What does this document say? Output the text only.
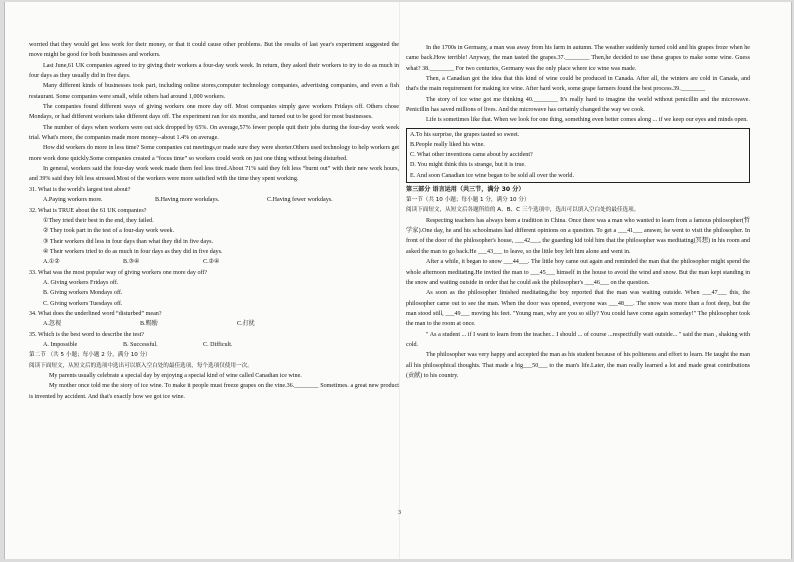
worried that they would get less work for their money, or that it could cause other problems. But the results of last year's experiment suggested the move might be good for both businesses and workers.

Last June,61 UK companies agreed to try giving their workers a four-day work week. In return, they asked their workers to try to do as much in four days as they usually did in five days.

Many different kinds of businesses took part, including online stores,computer technology companies, advertising companies, and even a fish restaurant. Some companies were small, while others had around 1,000 workers.

The companies found different ways of giving workers one more day off. Most companies simply gave workers Fridays off. Others chose Mondays, or had different workers take different days off. The experiment ran for six months, and turned out to be good for most businesses.

The number of days when workers were out sick dropped by 65%. On average,57% fewer people quit their jobs during the four-day work week trial. What's more, the companies made more money--about 1.4% on average.

How did workers do more in less time? Some companies cut meetings,or made sure they were shorter.Others used technology to help workers get more work done quickly.Some companies created a “focus time” so workers could work on just one thing without being disturbed.

In general, workers said the four-day work week made them feel less tired.About 71% said they felt less “burnt out” with their new work hours, and 39% said they felt less stressed.Most of the workers were more satisfied with the time they spent working.

31. What is the world's largest test about?

A.Paying workers more.	B.Having more workdays.	C.Having fewer workdays.

32. What is TRUE about the 61 UK companies?

①They tried their best in the end, they failed.

② They took part in the test of a four-day work week.

③ Their workers did less in four days than what they did in five days.

④ Their workers tried to do as much in four days as they did in five days.

A.①②	B.③④	C.②④

33. What was the most popular way of giving workers one more day off?

A. Giving workers Fridays off.

B. Giving workers Mondays off.

C. Giving workers Tuesdays off.

34. What does the underlined word “disturbed” mean?

A.忽视	B.赐励	C.打扰

35. Which is the best word to describe the test?

A. Impossible	B. Successful.	C. Difficult.

第二节 （共 5 小题；每小题 2 分，满分 10 分）

阅读下面短文，从短文后的选项中选出可以填入空白处的最佳选项，每个选项仅使用一次。

My parents usually celebrate a special day by enjoying a special kind of wine called Canadian ice wine.

My mother once told me the story of ice wine. To make it people must freeze grapes on the vine.36.________ Sometimes. a great new product is invented by accident. And that's exactly how we got ice wine.

In the 1700s in Germany, a man was away from his farm in autumn. The weather suddenly turned cold and his grapes froze when he came back.How terrible! Anyway, the man tasted the grapes.37.________ Then,he decided to use these grapes to make some wine. Guess what? 38.________ For two centuries, Germany was the only place where ice wine was made.

Then, a Canadian got the idea that this kind of wine could be produced in Canada. After all, the winters are cold in Canada, and that's the main requirement for making ice wine. After hard work, some grape farmers found the best process.39.________

The story of ice wine got me thinking 40.________ It's really hard to imagine the world without penicillin and the microwave. Penicillin has saved millions of lives. And the microwave has certainly changed the way we cook.

Life is sometimes like that. When we look for one thing, something even better comes along ... if we keep our eyes and minds open.

A.To his surprise, the grapes tasted so sweet.

B.People really liked his wine.

C. What other inventions came about by accident?

D. You might think this is strange, but it is true.

E. And soon Canadian ice wine began to be sold all over the world.

第三部分 语言运用（共三节，满分 30 分）

第一节（共 10 小题；每小题 1 分，满分 10 分）

阅读下面短文，从短文后各题所给的 A、B、C 三个选项中，选出可以填入空白处的最佳选项。

Respecting teachers has always been a tradition in China. Once there was a man who wanted to learn from a famous philosopher(哲学家).One day, he and his schoolmates had different opinions on a question. To get a ___41___ answer, he went to visit the philosopher. In front of the door of the philosopher's house, ___42___, the guarding kid told him that the philosopher was meditating(冥想) in his room and asked the man to go back.He ___43___ to leave, so the little boy left him alone and went in.

After a while, it began to snow ___44___. The little boy came out again and reminded the man that the philosopher might spend the whole afternoon meditating.He invited the man to ___45___ himself in the house to avoid the wind and snow. But the man kept standing in the snow and waiting outside in order that he could ask the philosopher's ___46___ on the question.

As soon as the philosopher finished meditating,the boy reported that the man was waiting outside. When ___47___ this, the philosopher came out to see the man. When the door was opened, everyone was ___48___. The snow was more than a foot deep, but the man stood still, ___49___ moving his feet. "Young man, why are you so silly? You could have come again someday!" The philosopher took the man to the room at once.

" As a student ... if I want to learn from the teacher... I should ... of course ...respectfully wait outside... " said the man , shaking with cold.

The philosopher was very happy and accepted the man as his student because of his politeness and effort to learn. He taught the man all his philosophical thoughts. That made a big___50___ to the man's life.Later, the man really learned a lot and made great contributions (贡献) to his country.

3
